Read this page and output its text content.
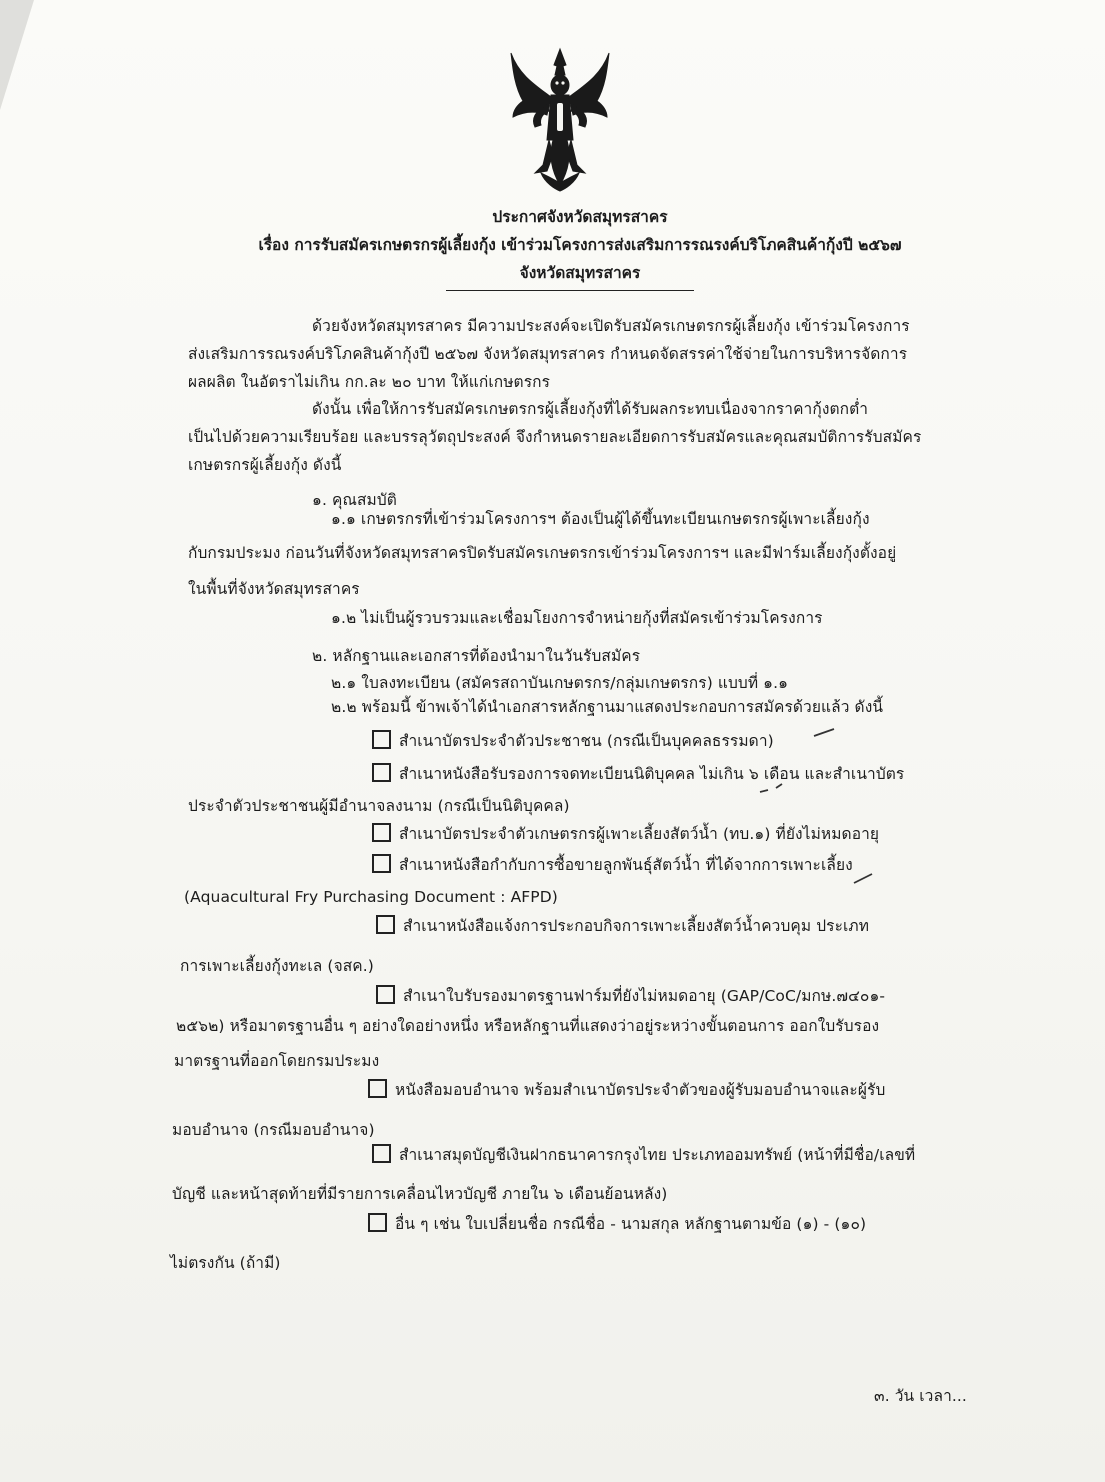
ประกาศจังหวัดสมุทรสาคร
เรื่อง การรับสมัครเกษตรกรผู้เลี้ยงกุ้ง เข้าร่วมโครงการส่งเสริมการรณรงค์บริโภคสินค้ากุ้งปี ๒๕๖๗
จังหวัดสมุทรสาคร
ด้วยจังหวัดสมุทรสาคร มีความประสงค์จะเปิดรับสมัครเกษตรกรผู้เลี้ยงกุ้ง เข้าร่วมโครงการ
ส่งเสริมการรณรงค์บริโภคสินค้ากุ้งปี ๒๕๖๗ จังหวัดสมุทรสาคร กำหนดจัดสรรค่าใช้จ่ายในการบริหารจัดการ
ผลผลิต ในอัตราไม่เกิน กก.ละ ๒๐ บาท ให้แก่เกษตรกร
ดังนั้น เพื่อให้การรับสมัครเกษตรกรผู้เลี้ยงกุ้งที่ได้รับผลกระทบเนื่องจากราคากุ้งตกต่ำ
เป็นไปด้วยความเรียบร้อย และบรรลุวัตถุประสงค์ จึงกำหนดรายละเอียดการรับสมัครและคุณสมบัติการรับสมัคร
เกษตรกรผู้เลี้ยงกุ้ง ดังนี้
๑. คุณสมบัติ
๑.๑ เกษตรกรที่เข้าร่วมโครงการฯ ต้องเป็นผู้ได้ขึ้นทะเบียนเกษตรกรผู้เพาะเลี้ยงกุ้ง
กับกรมประมง ก่อนวันที่จังหวัดสมุทรสาครปิดรับสมัครเกษตรกรเข้าร่วมโครงการฯ และมีฟาร์มเลี้ยงกุ้งตั้งอยู่
ในพื้นที่จังหวัดสมุทรสาคร
๑.๒ ไม่เป็นผู้รวบรวมและเชื่อมโยงการจำหน่ายกุ้งที่สมัครเข้าร่วมโครงการ
๒. หลักฐานและเอกสารที่ต้องนำมาในวันรับสมัคร
๒.๑ ใบลงทะเบียน (สมัครสถาบันเกษตรกร/กลุ่มเกษตรกร) แบบที่ ๑.๑
๒.๒ พร้อมนี้ ข้าพเจ้าได้นำเอกสารหลักฐานมาแสดงประกอบการสมัครด้วยแล้ว ดังนี้
สำเนาบัตรประจำตัวประชาชน (กรณีเป็นบุคคลธรรมดา)
สำเนาหนังสือรับรองการจดทะเบียนนิติบุคคล ไม่เกิน ๖ เดือน และสำเนาบัตร
ประจำตัวประชาชนผู้มีอำนาจลงนาม (กรณีเป็นนิติบุคคล)
สำเนาบัตรประจำตัวเกษตรกรผู้เพาะเลี้ยงสัตว์น้ำ (ทบ.๑) ที่ยังไม่หมดอายุ
สำเนาหนังสือกำกับการซื้อขายลูกพันธุ์สัตว์น้ำ ที่ได้จากการเพาะเลี้ยง
(Aquacultural Fry Purchasing Document : AFPD)
สำเนาหนังสือแจ้งการประกอบกิจการเพาะเลี้ยงสัตว์น้ำควบคุม ประเภท
การเพาะเลี้ยงกุ้งทะเล (จสค.)
สำเนาใบรับรองมาตรฐานฟาร์มที่ยังไม่หมดอายุ (GAP/CoC/มกษ.๗๔๐๑-
๒๕๖๒) หรือมาตรฐานอื่น ๆ อย่างใดอย่างหนึ่ง หรือหลักฐานที่แสดงว่าอยู่ระหว่างขั้นตอนการ ออกใบรับรอง
มาตรฐานที่ออกโดยกรมประมง
หนังสือมอบอำนาจ พร้อมสำเนาบัตรประจำตัวของผู้รับมอบอำนาจและผู้รับ
มอบอำนาจ (กรณีมอบอำนาจ)
สำเนาสมุดบัญชีเงินฝากธนาคารกรุงไทย ประเภทออมทรัพย์ (หน้าที่มีชื่อ/เลขที่
บัญชี และหน้าสุดท้ายที่มีรายการเคลื่อนไหวบัญชี ภายใน ๖ เดือนย้อนหลัง)
อื่น ๆ เช่น ใบเปลี่ยนชื่อ กรณีชื่อ - นามสกุล หลักฐานตามข้อ (๑) - (๑๐)
ไม่ตรงกัน (ถ้ามี)
๓. วัน เวลา...
